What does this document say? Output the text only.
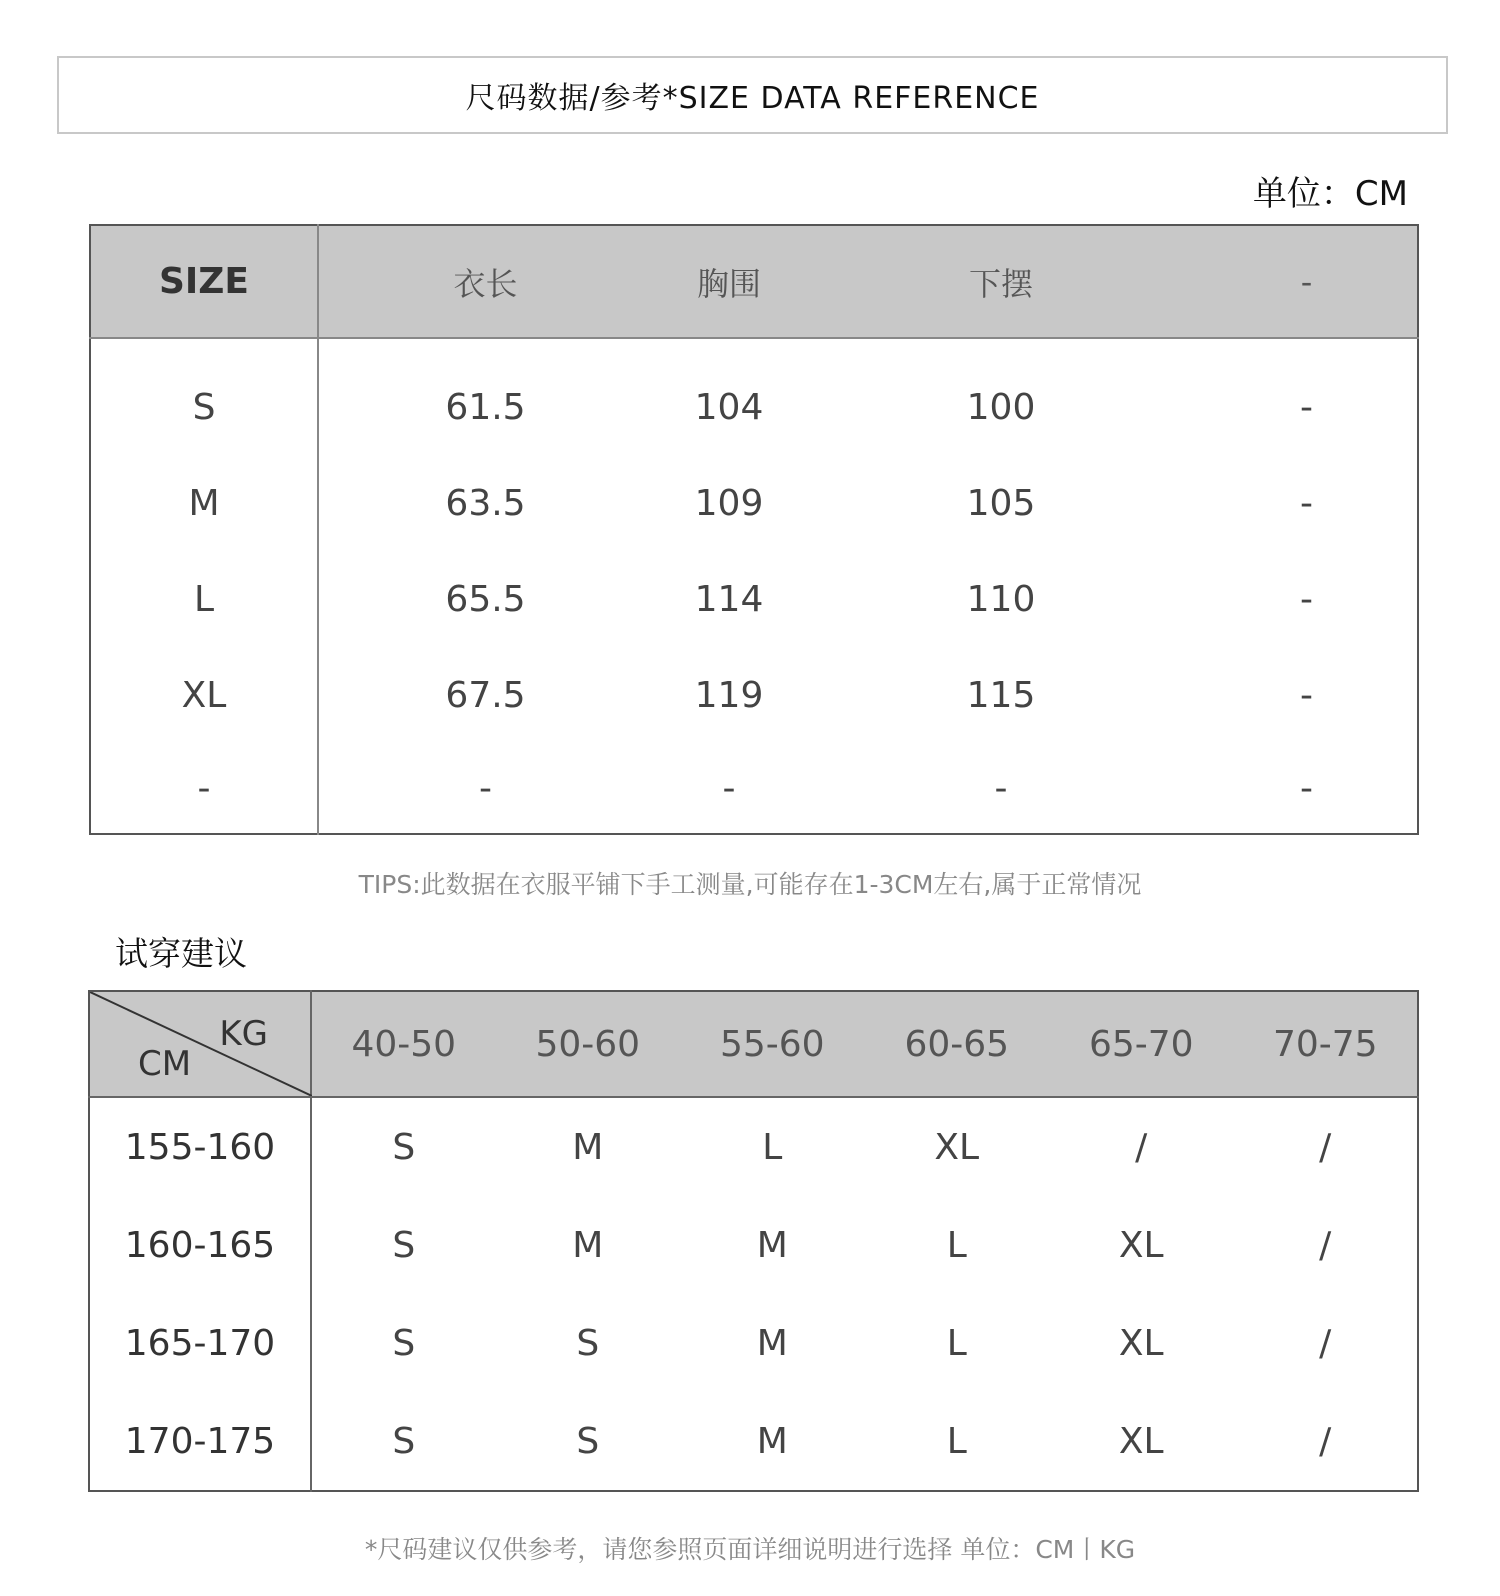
尺码数据/参考*SIZE DATA REFERENCE
单位：CM
SIZE	衣长	胸围	下摆	-
S	61.5	104	100	-
M	63.5	109	105	-
L	65.5	114	110	-
XL	67.5	119	115	-
-	-	-	-	-
TIPS:此数据在衣服平铺下手工测量,可能存在1-3CM左右,属于正常情况
试穿建议
KG
CM	40-50	50-60	55-60	60-65	65-70	70-75
155-160	S	M	L	XL	/	/
160-165	S	M	M	L	XL	/
165-170	S	S	M	L	XL	/
170-175	S	S	M	L	XL	/
*尺码建议仅供参考，请您参照页面详细说明进行选择 单位：CM丨KG
